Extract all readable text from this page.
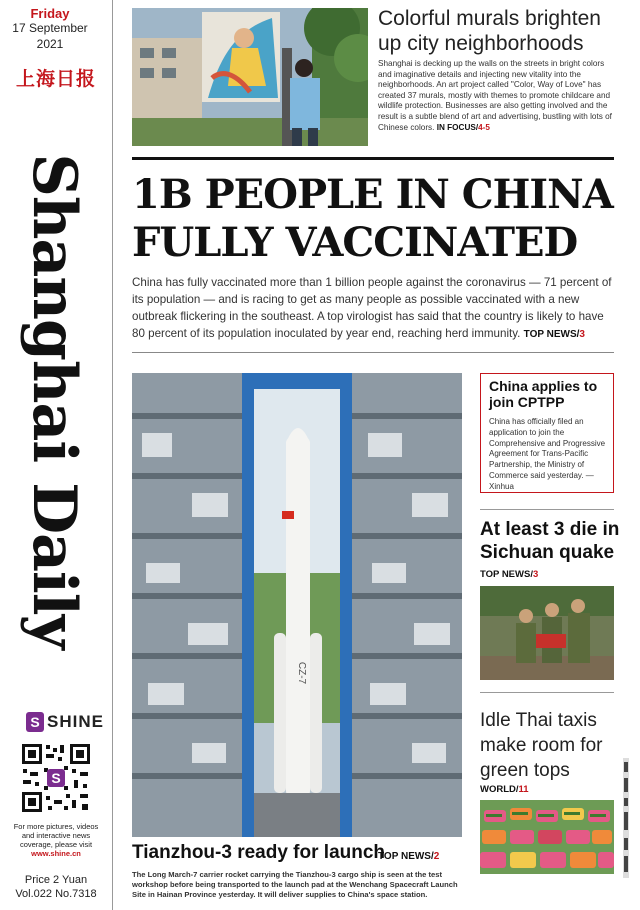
Friday
17 September
2021
上海日报
Shanghai Daily
S SHINE
S
For more pictures, videos and interactive news coverage, please visit
www.shine.cn
Price 2 Yuan
Vol.022 No.7318
Colorful murals brighten up city neighborhoods
Shanghai is decking up the walls on the streets in bright colors and imaginative details and injecting new vitality into the neighborhoods. An art project called "Color, Way of Love" has created 37 murals, mostly with themes to promote childcare and wildlife protection. Businesses are also getting involved and the result is a subtle blend of art and advertising, bustling with lots of Chinese colors. IN FOCUS/4-5
1B PEOPLE IN CHINA
FULLY VACCINATED
China has fully vaccinated more than 1 billion people against the coronavirus — 71 percent of its population — and is racing to get as many people as possible vaccinated with a new outbreak flickering in the southeast. A top virologist has said that the country is likely to have 80 percent of its population inoculated by year end, reaching herd immunity. TOP NEWS/3
CZ-7
Tianzhou-3 ready for launch
TOP NEWS/2
The Long March-7 carrier rocket carrying the Tianzhou-3 cargo ship is seen at the test workshop before being transported to the launch pad at the Wenchang Spacecraft Launch Site in Hainan Province yesterday. It will deliver supplies to China's space station.
China applies to join CPTPP
China has officially filed an application to join the Comprehensive and Progressive Agreement for Trans-Pacific Partnership, the Ministry of Commerce said yesterday. — Xinhua
At least 3 die in Sichuan quake
TOP NEWS/3
Idle Thai taxis make room for green tops
WORLD/11
